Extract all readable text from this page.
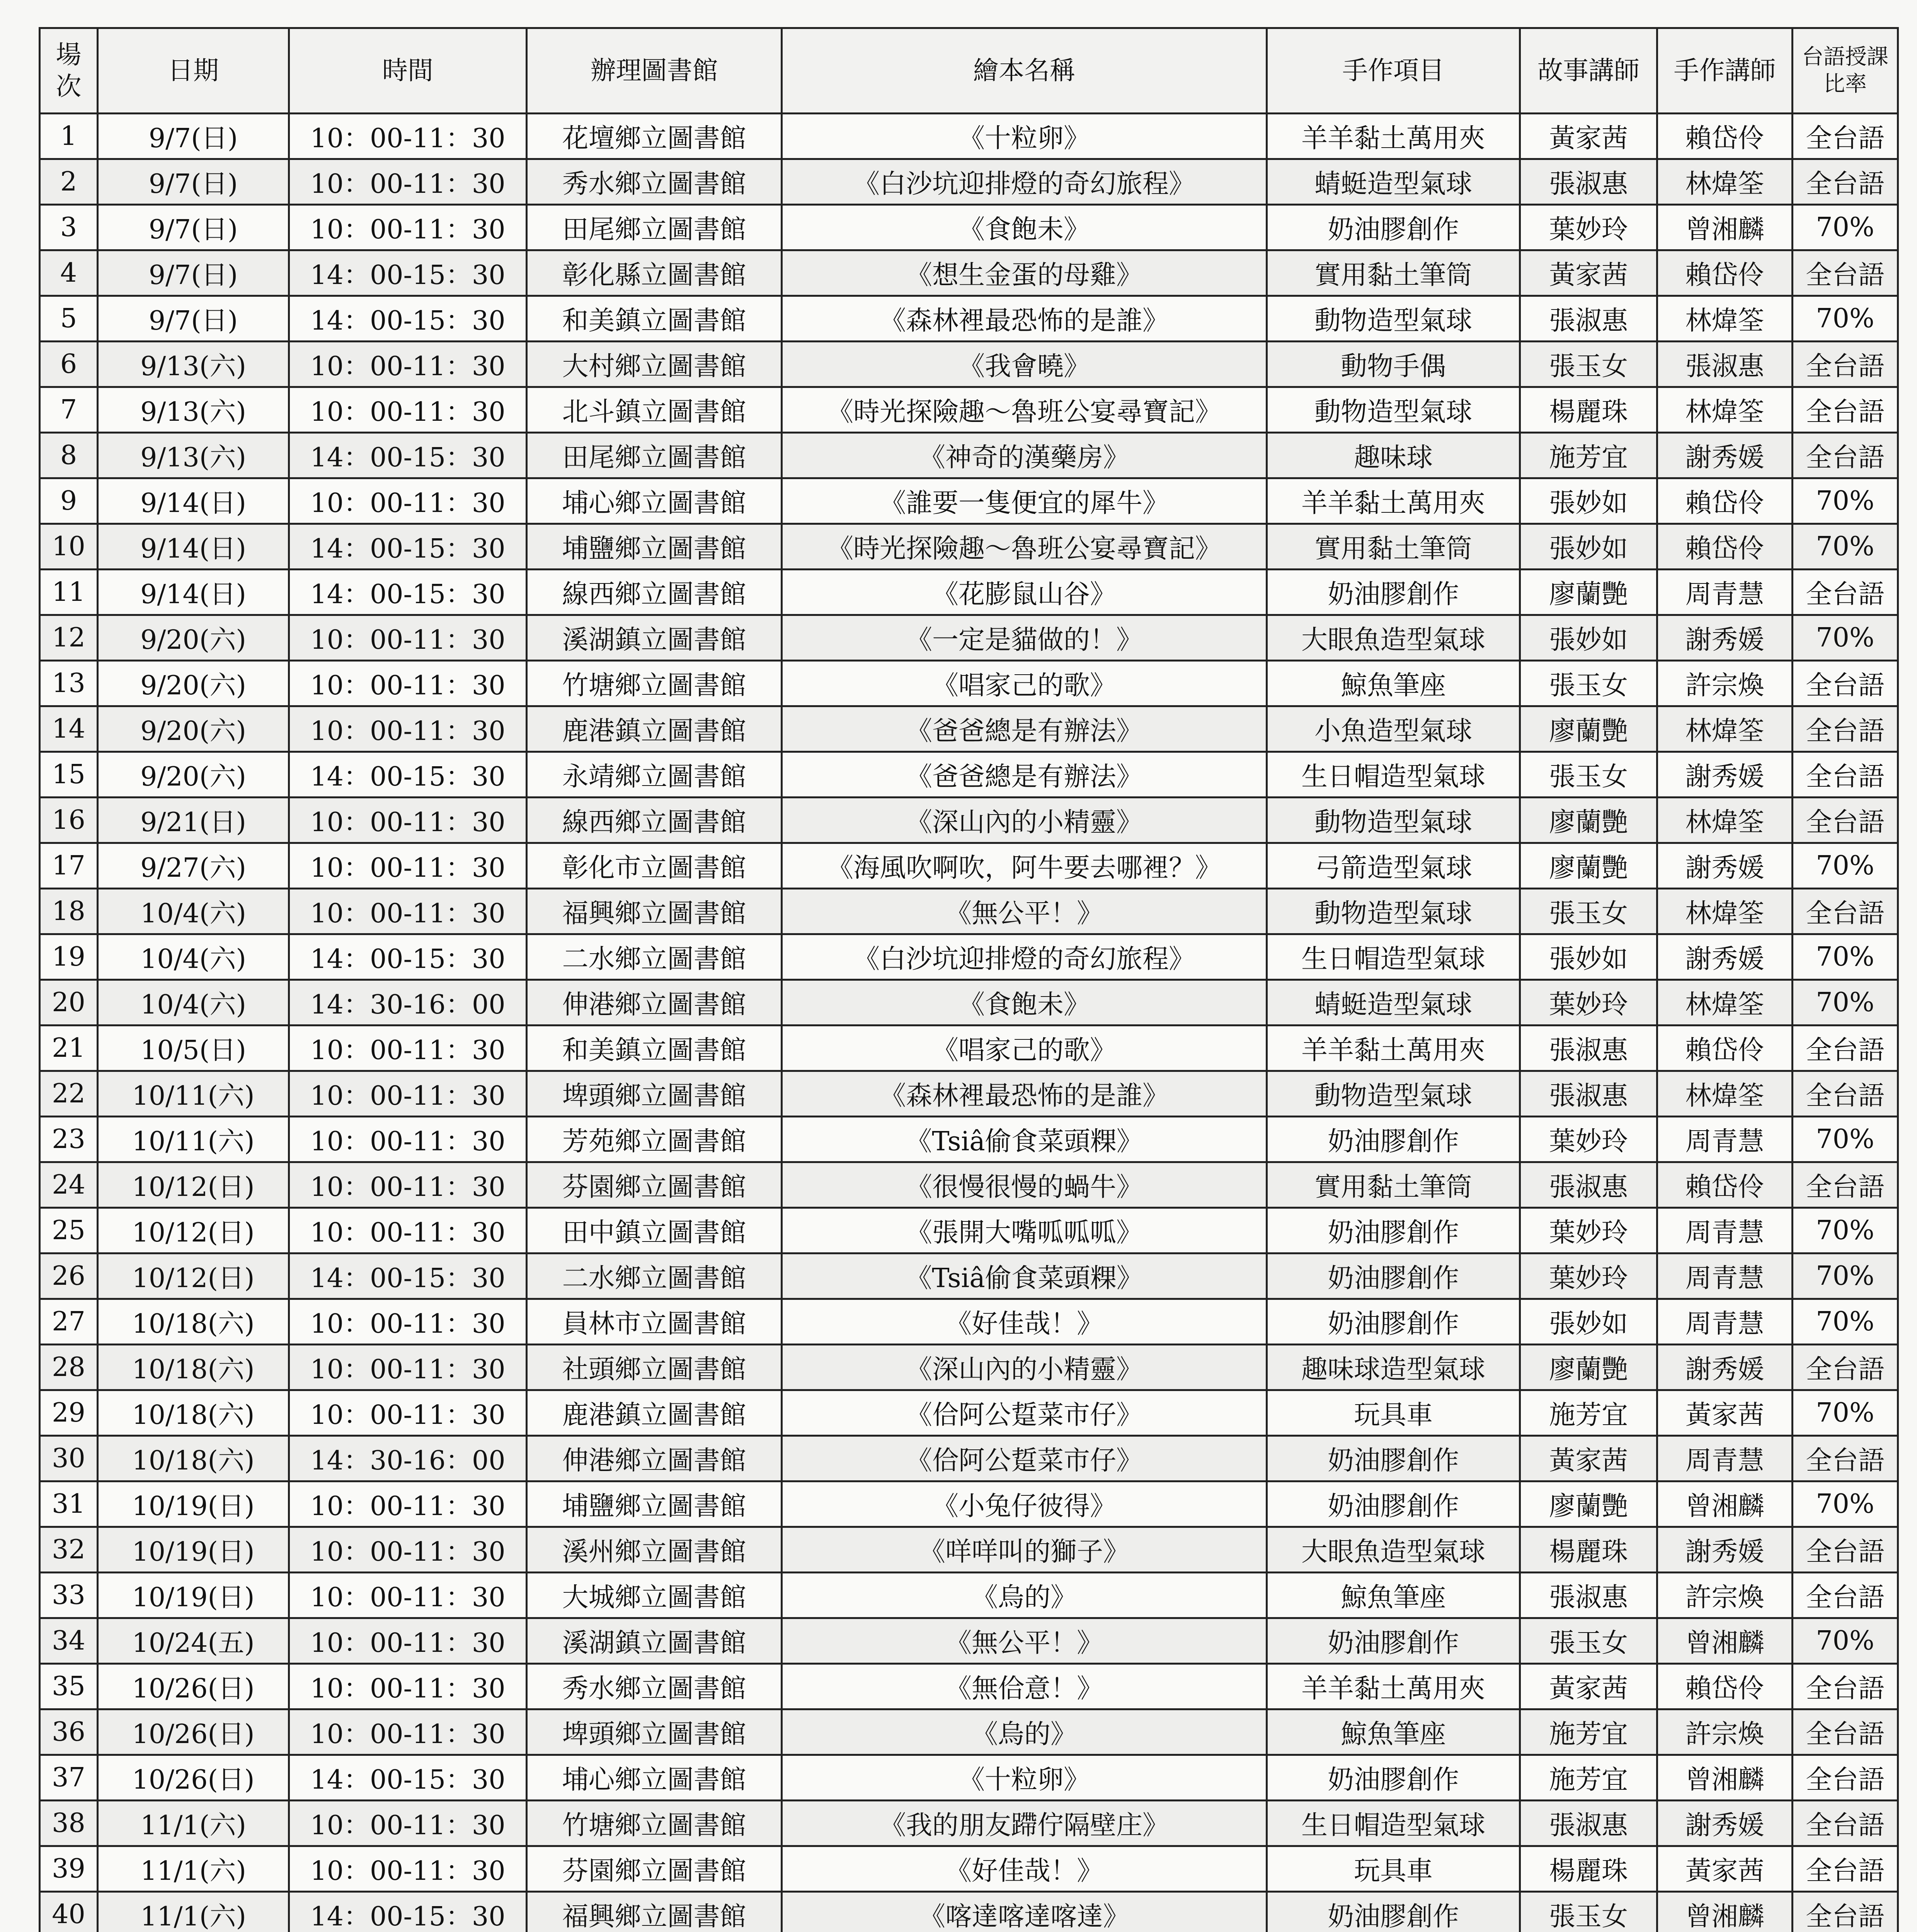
場次	日期	時間	辦理圖書館	繪本名稱	手作項目	故事講師	手作講師	台語授課比率
1	9/7(日)	10：00-11：30	花壇鄉立圖書館	《十粒卵》	羊羊黏土萬用夾	黃家茜	賴岱伶	全台語
2	9/7(日)	10：00-11：30	秀水鄉立圖書館	《白沙坑迎排燈的奇幻旅程》	蜻蜓造型氣球	張淑惠	林煒筌	全台語
3	9/7(日)	10：00-11：30	田尾鄉立圖書館	《食飽未》	奶油膠創作	葉妙玲	曾湘麟	70%
4	9/7(日)	14：00-15：30	彰化縣立圖書館	《想生金蛋的母雞》	實用黏土筆筒	黃家茜	賴岱伶	全台語
5	9/7(日)	14：00-15：30	和美鎮立圖書館	《森林裡最恐怖的是誰》	動物造型氣球	張淑惠	林煒筌	70%
6	9/13(六)	10：00-11：30	大村鄉立圖書館	《我會曉》	動物手偶	張玉女	張淑惠	全台語
7	9/13(六)	10：00-11：30	北斗鎮立圖書館	《時光探險趣～魯班公宴尋寶記》	動物造型氣球	楊麗珠	林煒筌	全台語
8	9/13(六)	14：00-15：30	田尾鄉立圖書館	《神奇的漢藥房》	趣味球	施芳宜	謝秀媛	全台語
9	9/14(日)	10：00-11：30	埔心鄉立圖書館	《誰要一隻便宜的犀牛》	羊羊黏土萬用夾	張妙如	賴岱伶	70%
10	9/14(日)	14：00-15：30	埔鹽鄉立圖書館	《時光探險趣～魯班公宴尋寶記》	實用黏土筆筒	張妙如	賴岱伶	70%
11	9/14(日)	14：00-15：30	線西鄉立圖書館	《花膨鼠山谷》	奶油膠創作	廖蘭艷	周青慧	全台語
12	9/20(六)	10：00-11：30	溪湖鎮立圖書館	《一定是貓做的！》	大眼魚造型氣球	張妙如	謝秀媛	70%
13	9/20(六)	10：00-11：30	竹塘鄉立圖書館	《唱家己的歌》	鯨魚筆座	張玉女	許宗煥	全台語
14	9/20(六)	10：00-11：30	鹿港鎮立圖書館	《爸爸總是有辦法》	小魚造型氣球	廖蘭艷	林煒筌	全台語
15	9/20(六)	14：00-15：30	永靖鄉立圖書館	《爸爸總是有辦法》	生日帽造型氣球	張玉女	謝秀媛	全台語
16	9/21(日)	10：00-11：30	線西鄉立圖書館	《深山內的小精靈》	動物造型氣球	廖蘭艷	林煒筌	全台語
17	9/27(六)	10：00-11：30	彰化市立圖書館	《海風吹啊吹，阿牛要去哪裡？》	弓箭造型氣球	廖蘭艷	謝秀媛	70%
18	10/4(六)	10：00-11：30	福興鄉立圖書館	《無公平！》	動物造型氣球	張玉女	林煒筌	全台語
19	10/4(六)	14：00-15：30	二水鄉立圖書館	《白沙坑迎排燈的奇幻旅程》	生日帽造型氣球	張妙如	謝秀媛	70%
20	10/4(六)	14：30-16：00	伸港鄉立圖書館	《食飽未》	蜻蜓造型氣球	葉妙玲	林煒筌	70%
21	10/5(日)	10：00-11：30	和美鎮立圖書館	《唱家己的歌》	羊羊黏土萬用夾	張淑惠	賴岱伶	全台語
22	10/11(六)	10：00-11：30	埤頭鄉立圖書館	《森林裡最恐怖的是誰》	動物造型氣球	張淑惠	林煒筌	全台語
23	10/11(六)	10：00-11：30	芳苑鄉立圖書館	《Tsiâ偷食菜頭粿》	奶油膠創作	葉妙玲	周青慧	70%
24	10/12(日)	10：00-11：30	芬園鄉立圖書館	《很慢很慢的蝸牛》	實用黏土筆筒	張淑惠	賴岱伶	全台語
25	10/12(日)	10：00-11：30	田中鎮立圖書館	《張開大嘴呱呱呱》	奶油膠創作	葉妙玲	周青慧	70%
26	10/12(日)	14：00-15：30	二水鄉立圖書館	《Tsiâ偷食菜頭粿》	奶油膠創作	葉妙玲	周青慧	70%
27	10/18(六)	10：00-11：30	員林市立圖書館	《好佳哉！》	奶油膠創作	張妙如	周青慧	70%
28	10/18(六)	10：00-11：30	社頭鄉立圖書館	《深山內的小精靈》	趣味球造型氣球	廖蘭艷	謝秀媛	全台語
29	10/18(六)	10：00-11：30	鹿港鎮立圖書館	《佮阿公踅菜市仔》	玩具車	施芳宜	黃家茜	70%
30	10/18(六)	14：30-16：00	伸港鄉立圖書館	《佮阿公踅菜市仔》	奶油膠創作	黃家茜	周青慧	全台語
31	10/19(日)	10：00-11：30	埔鹽鄉立圖書館	《小兔仔彼得》	奶油膠創作	廖蘭艷	曾湘麟	70%
32	10/19(日)	10：00-11：30	溪州鄉立圖書館	《咩咩叫的獅子》	大眼魚造型氣球	楊麗珠	謝秀媛	全台語
33	10/19(日)	10：00-11：30	大城鄉立圖書館	《烏的》	鯨魚筆座	張淑惠	許宗煥	全台語
34	10/24(五)	10：00-11：30	溪湖鎮立圖書館	《無公平！》	奶油膠創作	張玉女	曾湘麟	70%
35	10/26(日)	10：00-11：30	秀水鄉立圖書館	《無佮意！》	羊羊黏土萬用夾	黃家茜	賴岱伶	全台語
36	10/26(日)	10：00-11：30	埤頭鄉立圖書館	《烏的》	鯨魚筆座	施芳宜	許宗煥	全台語
37	10/26(日)	14：00-15：30	埔心鄉立圖書館	《十粒卵》	奶油膠創作	施芳宜	曾湘麟	全台語
38	11/1(六)	10：00-11：30	竹塘鄉立圖書館	《我的朋友蹛佇隔壁庄》	生日帽造型氣球	張淑惠	謝秀媛	全台語
39	11/1(六)	10：00-11：30	芬園鄉立圖書館	《好佳哉！》	玩具車	楊麗珠	黃家茜	全台語
40	11/1(六)	14：00-15：30	福興鄉立圖書館	《喀達喀達喀達》	奶油膠創作	張玉女	曾湘麟	全台語
